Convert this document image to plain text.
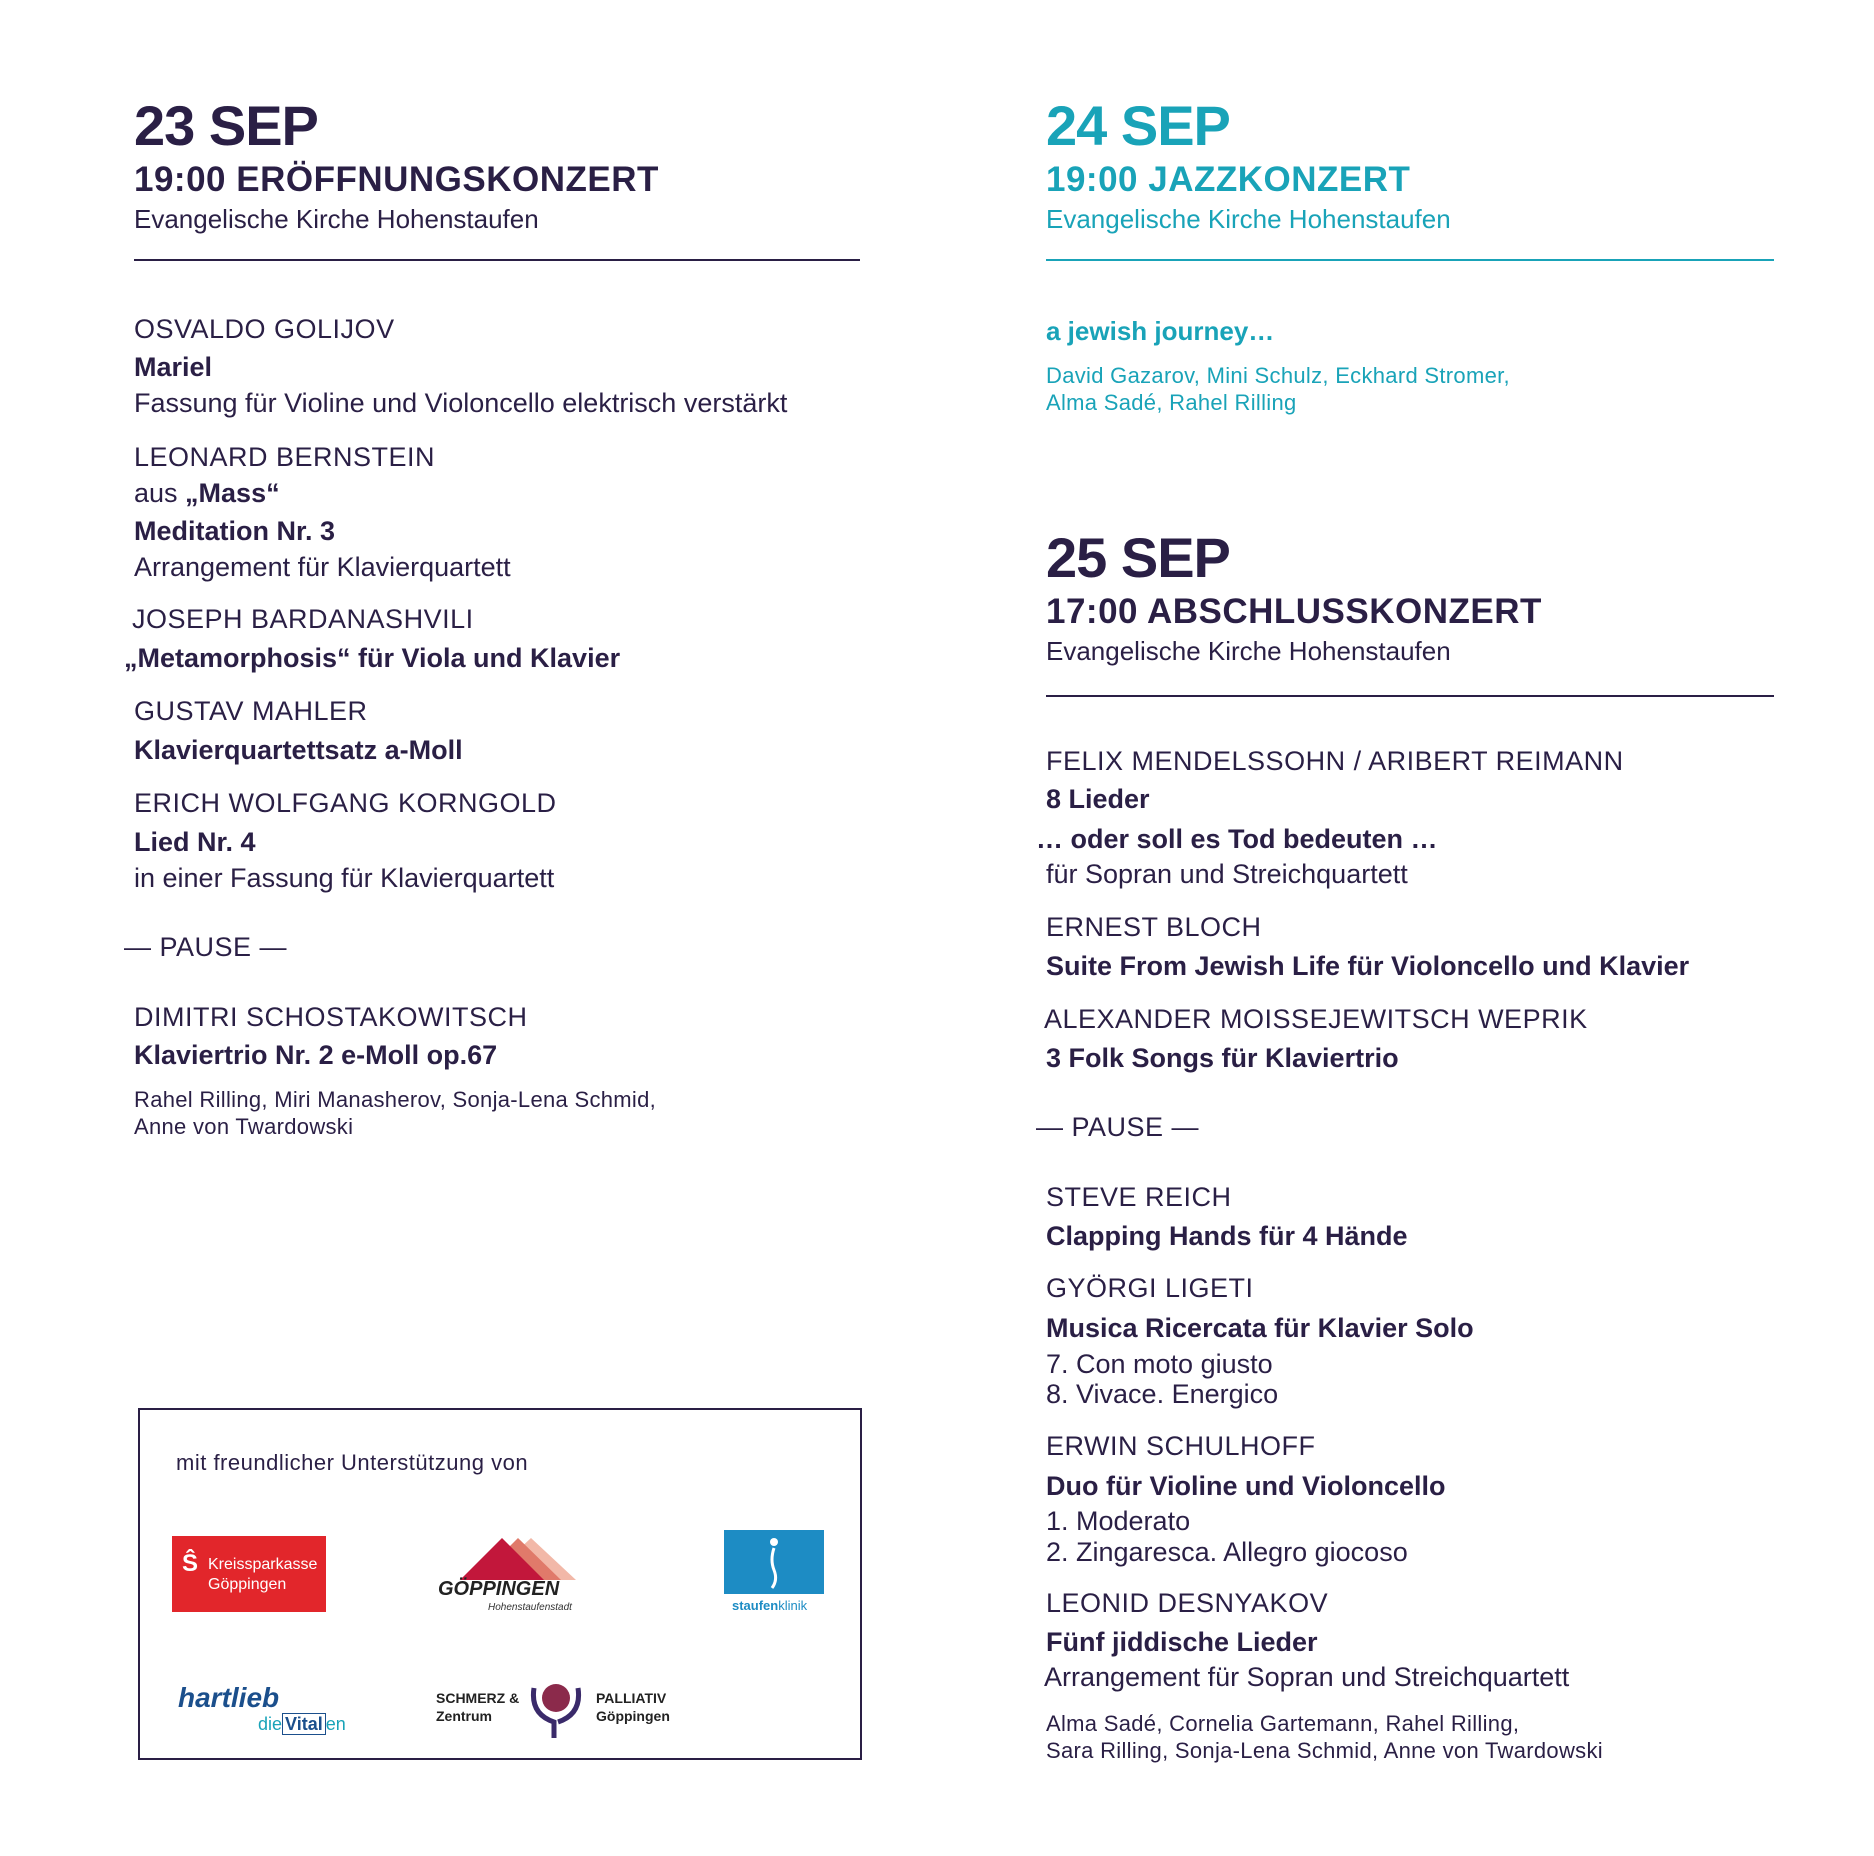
23 SEP
19:00 ERÖFFNUNGSKONZERT
Evangelische Kirche Hohenstaufen
OSVALDO GOLIJOV
Mariel
Fassung für Violine und Violoncello elektrisch verstärkt
LEONARD BERNSTEIN
aus „Mass“
Meditation Nr. 3
Arrangement für Klavierquartett
JOSEPH BARDANASHVILI
„Metamorphosis“ für Viola und Klavier
GUSTAV MAHLER
Klavierquartettsatz a-Moll
ERICH WOLFGANG KORNGOLD
Lied Nr. 4
in einer Fassung für Klavierquartett
— PAUSE —
DIMITRI SCHOSTAKOWITSCH
Klaviertrio Nr. 2 e-Moll op.67
Rahel Rilling, Miri Manasherov, Sonja-Lena Schmid,
Anne von Twardowski
24 SEP
19:00 JAZZKONZERT
Evangelische Kirche Hohenstaufen
a jewish journey…
David Gazarov, Mini Schulz, Eckhard Stromer,
Alma Sadé, Rahel Rilling
25 SEP
17:00 ABSCHLUSSKONZERT
Evangelische Kirche Hohenstaufen
FELIX MENDELSSOHN / ARIBERT REIMANN
8 Lieder
… oder soll es Tod bedeuten …
für Sopran und Streichquartett
ERNEST BLOCH
Suite From Jewish Life für Violoncello und Klavier
ALEXANDER MOISSEJEWITSCH WEPRIK
3 Folk Songs für Klaviertrio
— PAUSE —
STEVE REICH
Clapping Hands für 4 Hände
GYÖRGI LIGETI
Musica Ricercata für Klavier Solo
7. Con moto giusto
8. Vivace. Energico
ERWIN SCHULHOFF
Duo für Violine und Violoncello
1. Moderato
2. Zingaresca. Allegro giocoso
LEONID DESNYAKOV
Fünf jiddische Lieder
Arrangement für Sopran und Streichquartett
Alma Sadé, Cornelia Gartemann, Rahel Rilling,
Sara Rilling, Sonja-Lena Schmid, Anne von Twardowski
mit freundlicher Unterstützung von
Ŝ Kreissparkasse
Göppingen	GÖPPINGEN
Hohenstaufenstadt	staufenklinik
hartlieb
die Vital en
SCHMERZ &
Zentrum
PALLIATIV
Göppingen
